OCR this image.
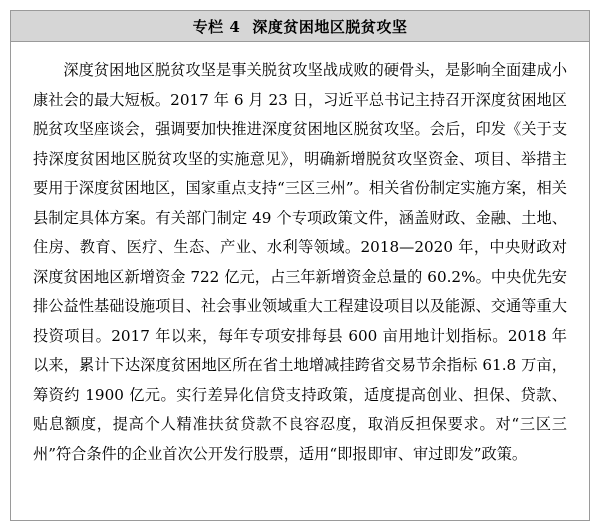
专栏 4 深度贫困地区脱贫攻坚

深度贫困地区脱贫攻坚是事关脱贫攻坚战成败的硬骨头，是影响全面建成小康社会的最大短板。2017 年 6 月 23 日，习近平总书记主持召开深度贫困地区脱贫攻坚座谈会，强调要加快推进深度贫困地区脱贫攻坚。会后，印发《关于支持深度贫困地区脱贫攻坚的实施意见》，明确新增脱贫攻坚资金、项目、举措主要用于深度贫困地区，国家重点支持“三区三州”。相关省份制定实施方案，相关县制定具体方案。有关部门制定 49 个专项政策文件，涵盖财政、金融、土地、住房、教育、医疗、生态、产业、水利等领域。2018—2020 年，中央财政对深度贫困地区新增资金 722 亿元，占三年新增资金总量的 60.2%。中央优先安排公益性基础设施项目、社会事业领域重大工程建设项目以及能源、交通等重大投资项目。2017 年以来，每年专项安排每县 600 亩用地计划指标。2018 年以来，累计下达深度贫困地区所在省土地增减挂跨省交易节余指标 61.8 万亩，筹资约 1900 亿元。实行差异化信贷支持政策，适度提高创业、担保、贷款、贴息额度，提高个人精准扶贫贷款不良容忍度，取消反担保要求。对“三区三州”符合条件的企业首次公开发行股票，适用“即报即审、审过即发”政策。
